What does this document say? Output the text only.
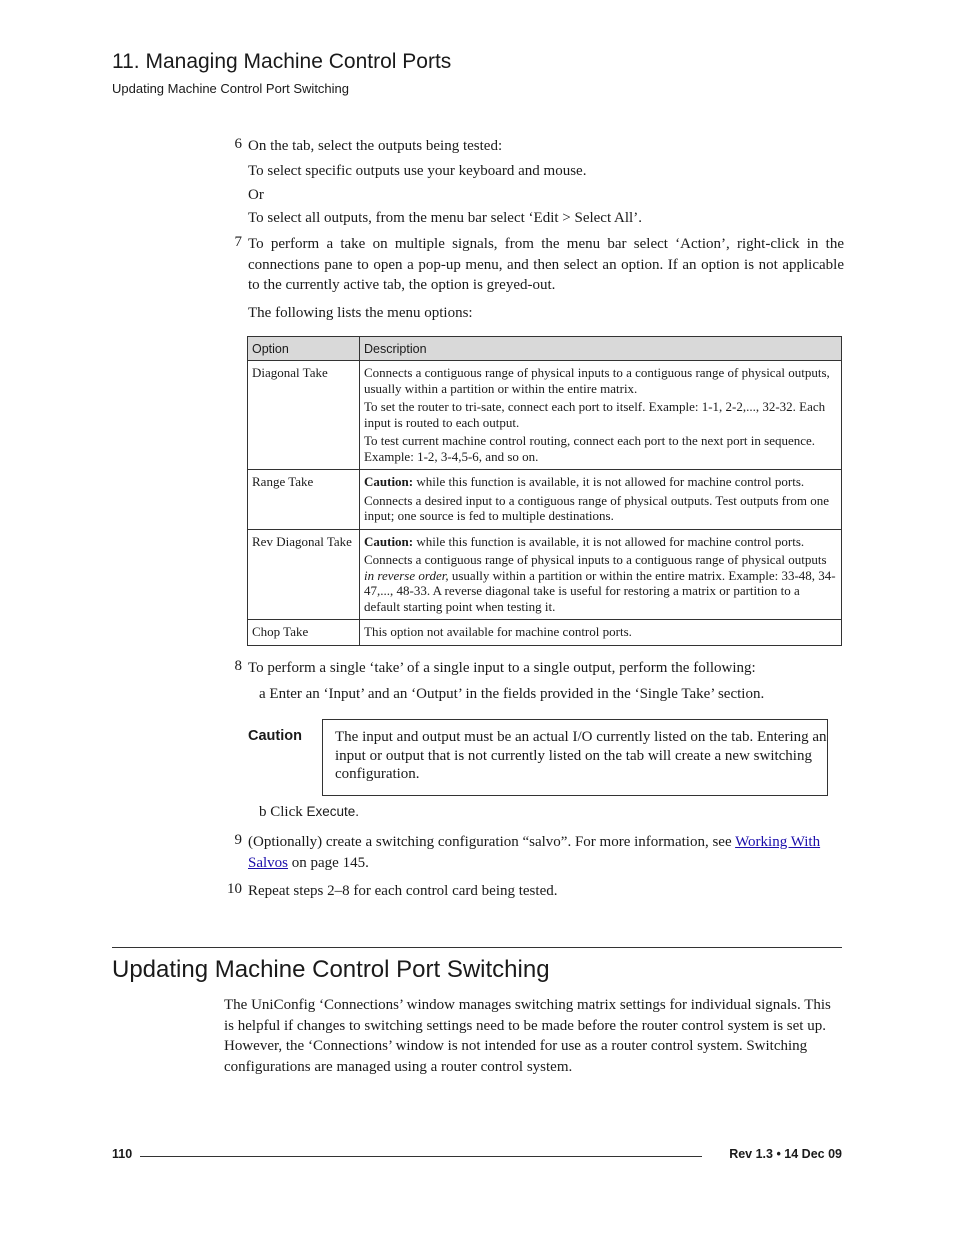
11. Managing Machine Control Ports
Updating Machine Control Port Switching
6 On the tab, select the outputs being tested:
To select specific outputs use your keyboard and mouse.
Or
To select all outputs, from the menu bar select ‘Edit > Select All’.
7 To perform a take on multiple signals, from the menu bar select ‘Action’, right-click in the connections pane to open a pop-up menu, and then select an option. If an option is not applicable to the currently active tab, the option is greyed-out.
The following lists the menu options:
Option	Description
Diagonal Take	Connects a contiguous range of physical inputs to a contiguous range of physical outputs, usually within a partition or within the entire matrix.

To set the router to tri-sate, connect each port to itself. Example: 1-1, 2-2,..., 32-32. Each input is routed to each output.

To test current machine control routing, connect each port to the next port in sequence. Example: 1-2, 3-4,5-6, and so on.

Range Take	Caution: while this function is available, it is not allowed for machine control ports.

Connects a desired input to a contiguous range of physical outputs. Test outputs from one input; one source is fed to multiple destinations.

Rev Diagonal Take	Caution: while this function is available, it is not allowed for machine control ports.

Connects a contiguous range of physical inputs to a contiguous range of physical outputs in reverse order, usually within a partition or within the entire matrix. Example: 33-48, 34-47,..., 48-33. A reverse diagonal take is useful for restoring a matrix or partition to a default starting point when testing it.

Chop Take	This option not available for machine control ports.

8 To perform a single ‘take’ of a single input to a single output, perform the following:
a Enter an ‘Input’ and an ‘Output’ in the fields provided in the ‘Single Take’ section.
Caution	The input and output must be an actual I/O currently listed on the tab. Entering an input or output that is not currently listed on the tab will create a new switching configuration.
b Click Execute.
9 (Optionally) create a switching configuration “salvo”. For more information, see Working With Salvos on page 145.
10 Repeat steps 2–8 for each control card being tested.
Updating Machine Control Port Switching
The UniConfig ‘Connections’ window manages switching matrix settings for individual signals. This is helpful if changes to switching settings need to be made before the router control system is set up. However, the ‘Connections’ window is not intended for use as a router control system. Switching configurations are managed using a router control system.
110	Rev 1.3 • 14 Dec 09
